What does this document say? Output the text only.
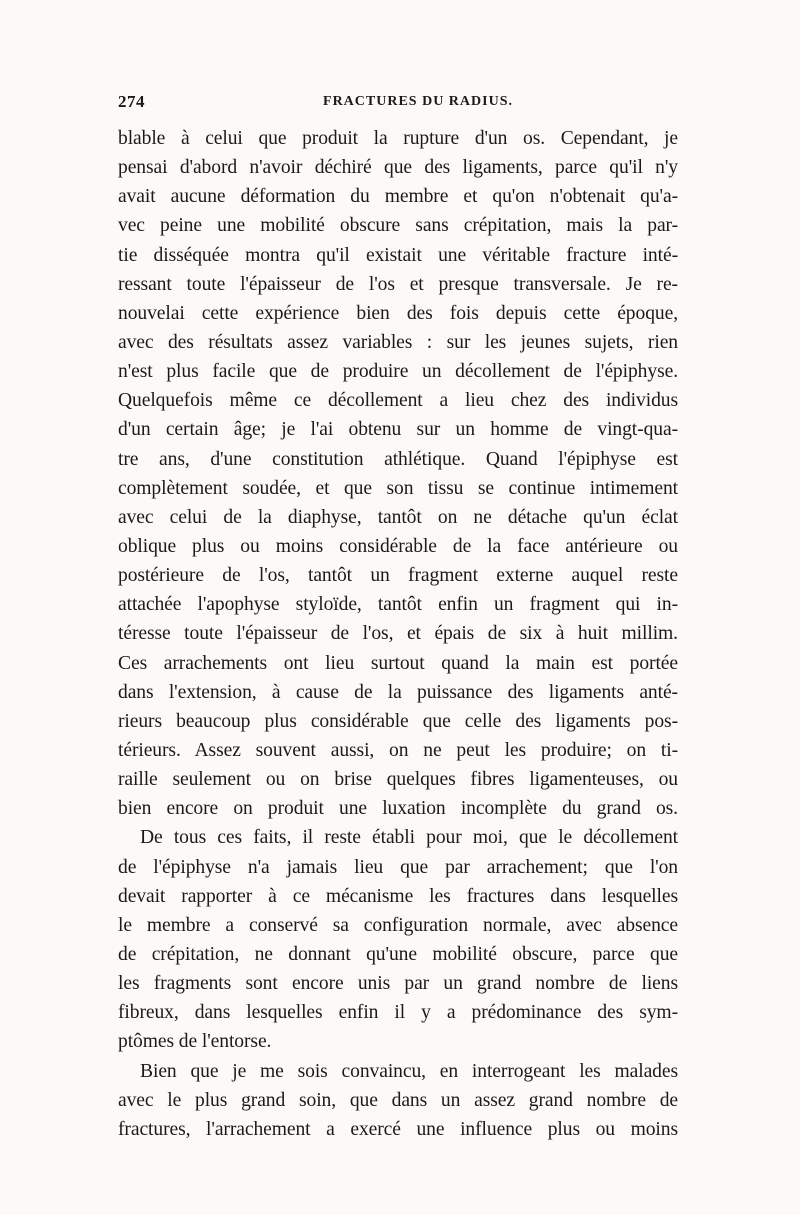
274	FRACTURES DU RADIUS.
blable à celui que produit la rupture d'un os. Cependant, je
pensai d'abord n'avoir déchiré que des ligaments, parce qu'il n'y
avait aucune déformation du membre et qu'on n'obtenait qu'a-
vec peine une mobilité obscure sans crépitation, mais la par-
tie disséquée montra qu'il existait une véritable fracture inté-
ressant toute l'épaisseur de l'os et presque transversale. Je re-
nouvelai cette expérience bien des fois depuis cette époque,
avec des résultats assez variables : sur les jeunes sujets, rien
n'est plus facile que de produire un décollement de l'épiphyse.
Quelquefois même ce décollement a lieu chez des individus
d'un certain âge; je l'ai obtenu sur un homme de vingt-qua-
tre ans, d'une constitution athlétique. Quand l'épiphyse est
complètement soudée, et que son tissu se continue intimement
avec celui de la diaphyse, tantôt on ne détache qu'un éclat
oblique plus ou moins considérable de la face antérieure ou
postérieure de l'os, tantôt un fragment externe auquel reste
attachée l'apophyse styloïde, tantôt enfin un fragment qui in-
téresse toute l'épaisseur de l'os, et épais de six à huit millim.
Ces arrachements ont lieu surtout quand la main est portée
dans l'extension, à cause de la puissance des ligaments anté-
rieurs beaucoup plus considérable que celle des ligaments pos-
térieurs. Assez souvent aussi, on ne peut les produire; on ti-
raille seulement ou on brise quelques fibres ligamenteuses, ou
bien encore on produit une luxation incomplète du grand os.
De tous ces faits, il reste établi pour moi, que le décollement
de l'épiphyse n'a jamais lieu que par arrachement; que l'on
devait rapporter à ce mécanisme les fractures dans lesquelles
le membre a conservé sa configuration normale, avec absence
de crépitation, ne donnant qu'une mobilité obscure, parce que
les fragments sont encore unis par un grand nombre de liens
fibreux, dans lesquelles enfin il y a prédominance des sym-
ptômes de l'entorse.
Bien que je me sois convaincu, en interrogeant les malades
avec le plus grand soin, que dans un assez grand nombre de
fractures, l'arrachement a exercé une influence plus ou moins
